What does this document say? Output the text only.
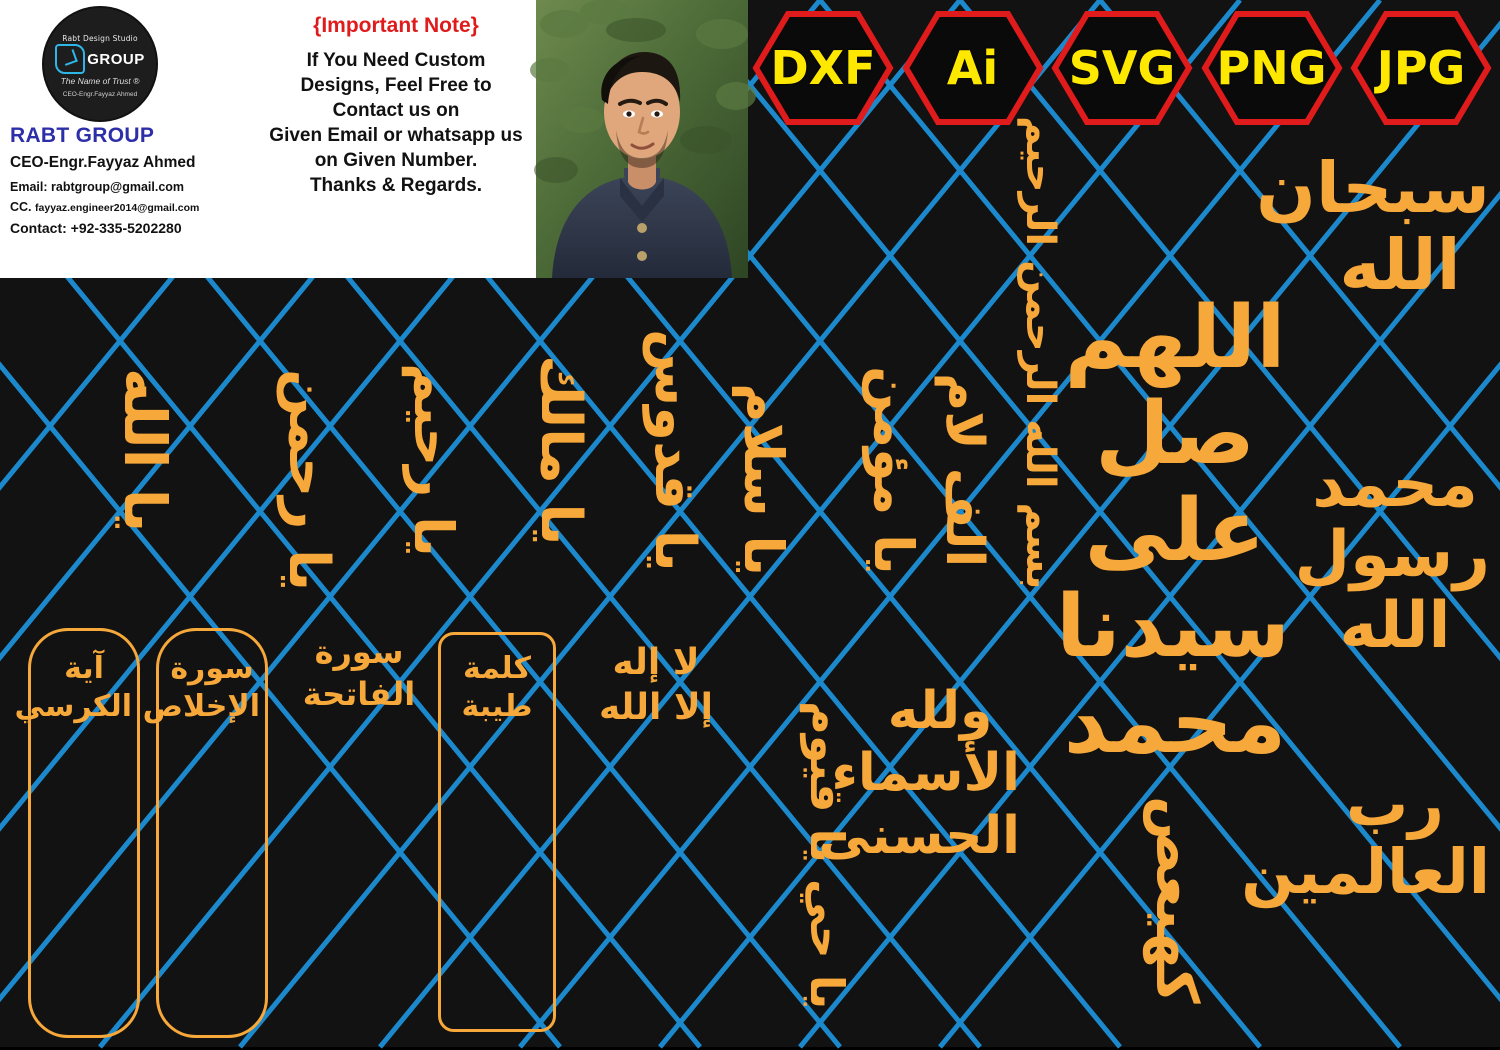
يا الله	يا رحمن	يا رحيم	يا مالك يا قدوس يا سلام	يا مؤمن الف لام بسم الله الرحمن الرحيم اللهم صل على سيدنا محمد
سبحان الله
محمد رسول الله
رب العالمين
آية الكرسي
سورة الإخلاص
سورة الفاتحة
كلمة طيبة
لا إله إلا الله	يا حي يا قيوم ولله الأسماء الحسنى	كهيعص
Rabt Design Studio
GROUP
The Name of Trust ®
CEO-Engr.Fayyaz Ahmed
RABT GROUP
CEO-Engr.Fayyaz Ahmed
Email: rabtgroup@gmail.com
CC. fayyaz.engineer2014@gmail.com
Contact: +92-335-5202280
{Important Note}
If You Need Custom
Designs, Feel Free to
Contact us on
Given Email or whatsapp us
on Given Number.
Thanks & Regards.
DXF Ai SVG PNG JPG
